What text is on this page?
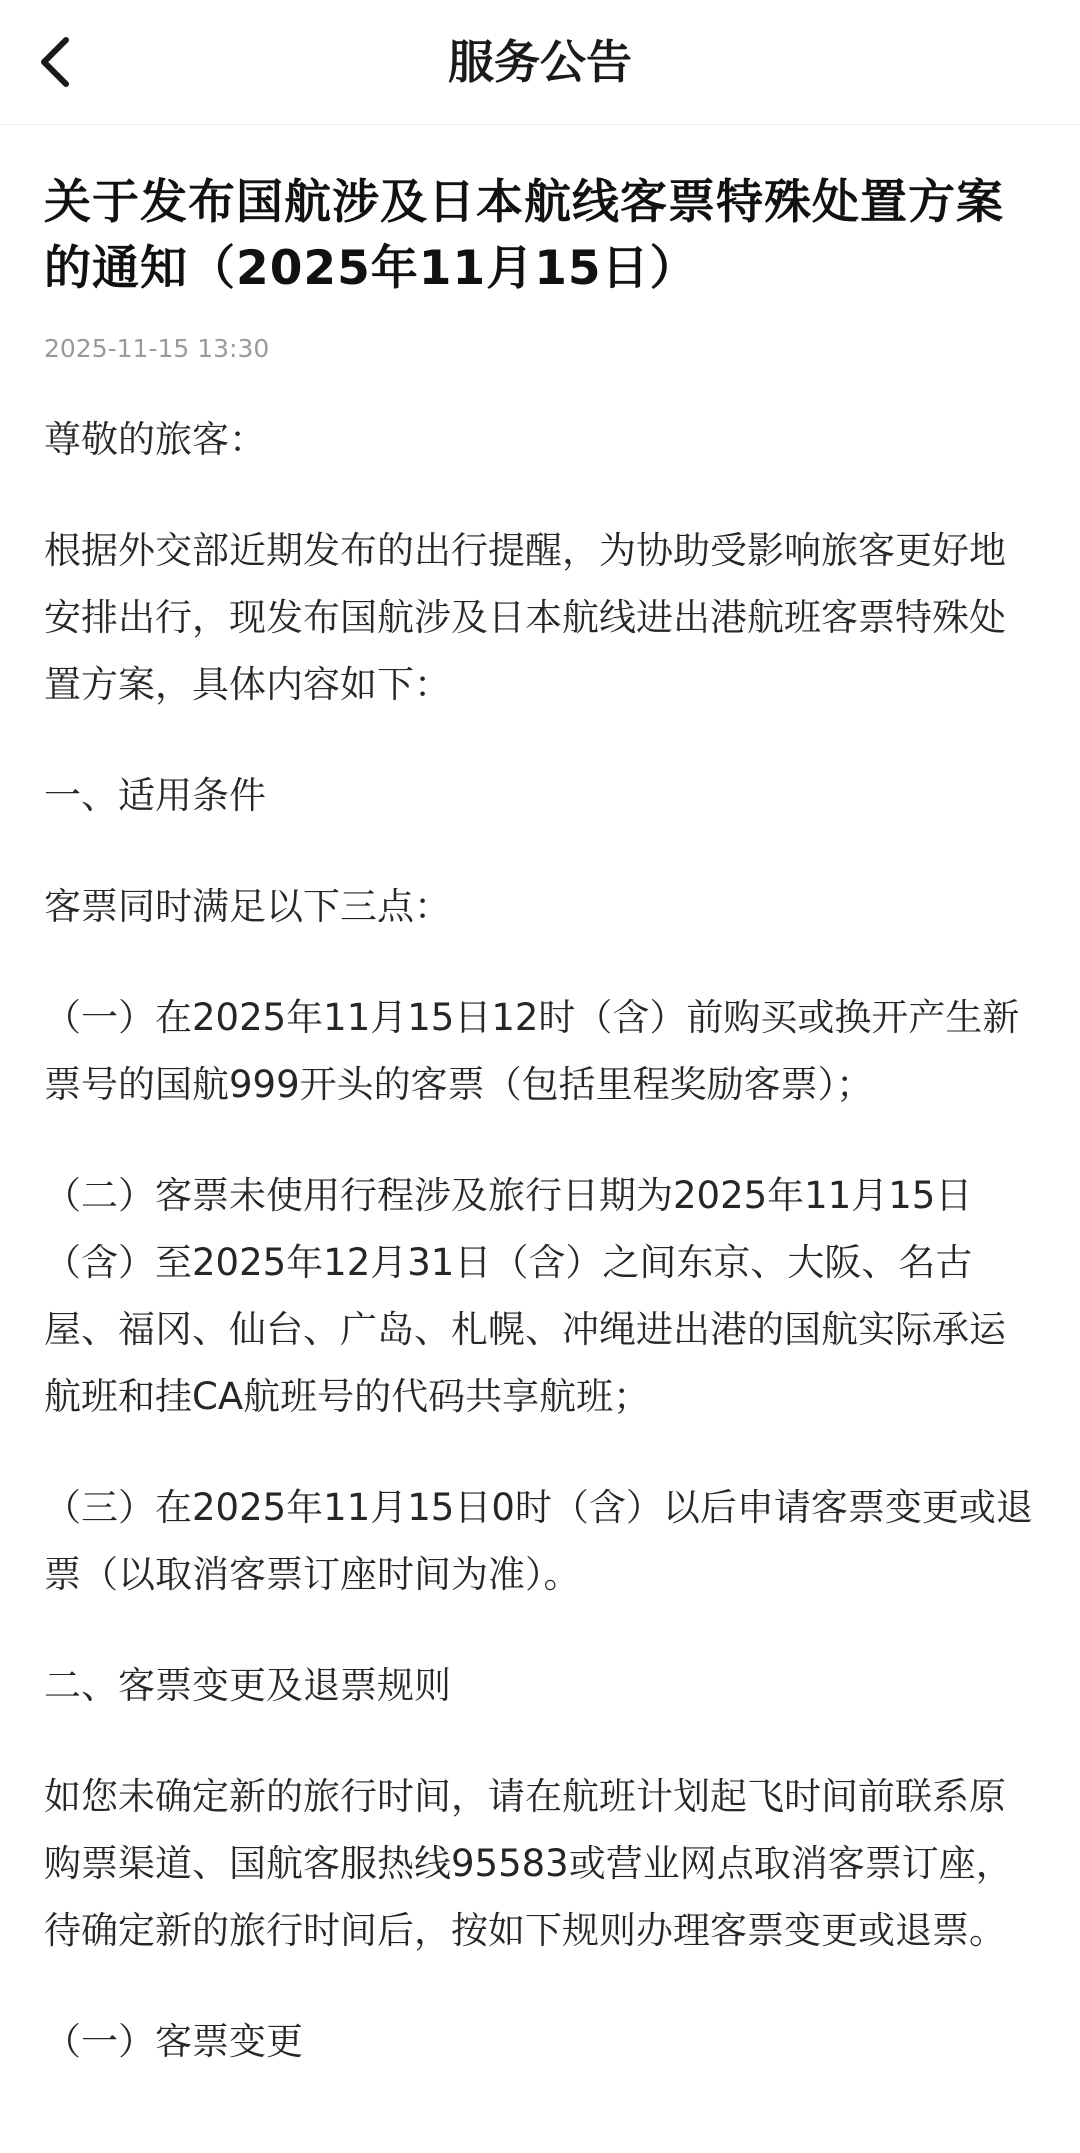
服务公告
关于发布国航涉及日本航线客票特殊处置方案的通知（2025年11月15日）
2025-11-15 13:30

尊敬的旅客：

根据外交部近期发布的出行提醒，为协助受影响旅客更好地安排出行，现发布国航涉及日本航线进出港航班客票特殊处置方案，具体内容如下：

一、适用条件

客票同时满足以下三点：

（一）在2025年11月15日12时（含）前购买或换开产生新票号的国航999开头的客票（包括里程奖励客票）；

（二）客票未使用行程涉及旅行日期为2025年11月15日（含）至2025年12月31日（含）之间东京、大阪、名古屋、福冈、仙台、广岛、札幌、冲绳进出港的国航实际承运航班和挂CA航班号的代码共享航班；

（三）在2025年11月15日0时（含）以后申请客票变更或退票（以取消客票订座时间为准）。

二、客票变更及退票规则

如您未确定新的旅行时间，请在航班计划起飞时间前联系原购票渠道、国航客服热线95583或营业网点取消客票订座，待确定新的旅行时间后，按如下规则办理客票变更或退票。

（一）客票变更
